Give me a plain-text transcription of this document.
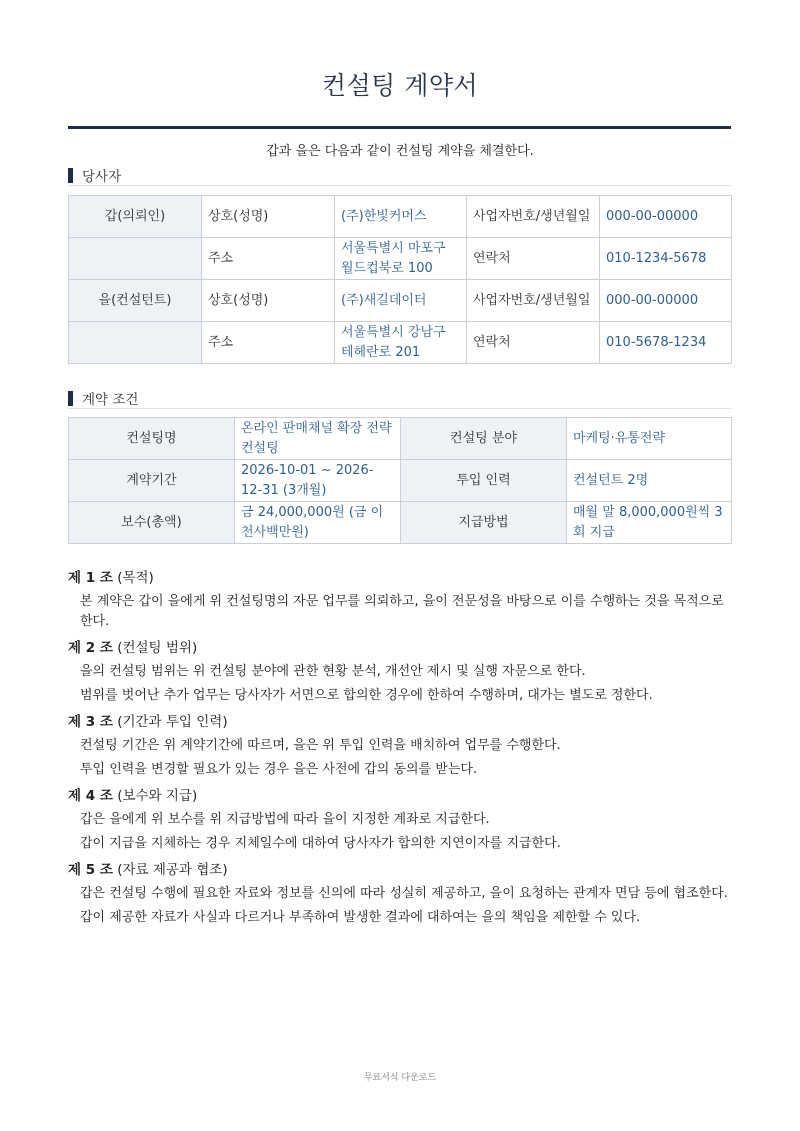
컨설팅 계약서
갑과 을은 다음과 같이 컨설팅 계약을 체결한다.
당사자
갑(의뢰인)	상호(성명)	(주)한빛커머스	사업자번호/생년월일	000-00-00000
	주소	서울특별시 마포구 월드컵북로 100	연락처	010-1234-5678
을(컨설턴트)	상호(성명)	(주)새길데이터	사업자번호/생년월일	000-00-00000
	주소	서울특별시 강남구 테헤란로 201	연락처	010-5678-1234
계약 조건
컨설팅명	온라인 판매채널 확장 전략 컨설팅	컨설팅 분야	마케팅·유통전략
계약기간	2026-10-01 ~ 2026-12-31 (3개월)	투입 인력	컨설턴트 2명
보수(총액)	금 24,000,000원 (금 이천사백만원)	지급방법	매월 말 8,000,000원씩 3회 지급
제 1 조 (목적)

본 계약은 갑이 을에게 위 컨설팅명의 자문 업무를 의뢰하고, 을이 전문성을 바탕으로 이를 수행하는 것을 목적으로 한다.

제 2 조 (컨설팅 범위)

을의 컨설팅 범위는 위 컨설팅 분야에 관한 현황 분석, 개선안 제시 및 실행 자문으로 한다.

범위를 벗어난 추가 업무는 당사자가 서면으로 합의한 경우에 한하여 수행하며, 대가는 별도로 정한다.

제 3 조 (기간과 투입 인력)

컨설팅 기간은 위 계약기간에 따르며, 을은 위 투입 인력을 배치하여 업무를 수행한다.

투입 인력을 변경할 필요가 있는 경우 을은 사전에 갑의 동의를 받는다.

제 4 조 (보수와 지급)

갑은 을에게 위 보수를 위 지급방법에 따라 을이 지정한 계좌로 지급한다.

갑이 지급을 지체하는 경우 지체일수에 대하여 당사자가 합의한 지연이자를 지급한다.

제 5 조 (자료 제공과 협조)

갑은 컨설팅 수행에 필요한 자료와 정보를 신의에 따라 성실히 제공하고, 을이 요청하는 관계자 면담 등에 협조한다.

갑이 제공한 자료가 사실과 다르거나 부족하여 발생한 결과에 대하여는 을의 책임을 제한할 수 있다.

무료서식 다운로드
